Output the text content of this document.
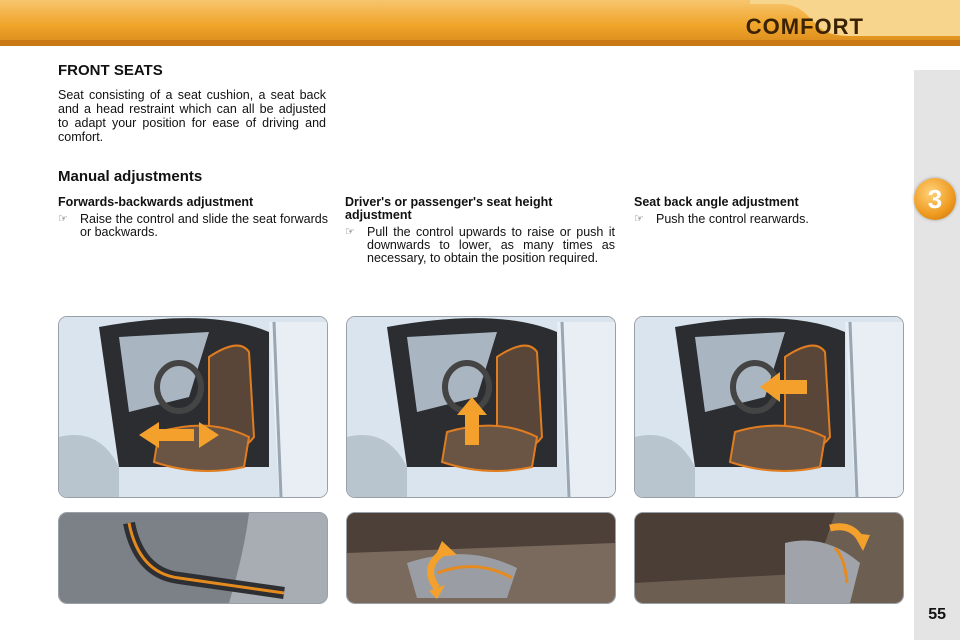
COMFORT
3
FRONT SEATS
Seat consisting of a seat cushion, a seat back and a head restraint which can all be adjusted to adapt your position for ease of driving and comfort.
Manual adjustments
Forwards-backwards adjustment
☞ Raise the control and slide the seat forwards or backwards.
Driver's or passenger's seat height adjustment
☞ Pull the control upwards to raise or push it downwards to lower, as many times as necessary, to obtain the position required.
Seat back angle adjustment
☞ Push the control rearwards.
55
